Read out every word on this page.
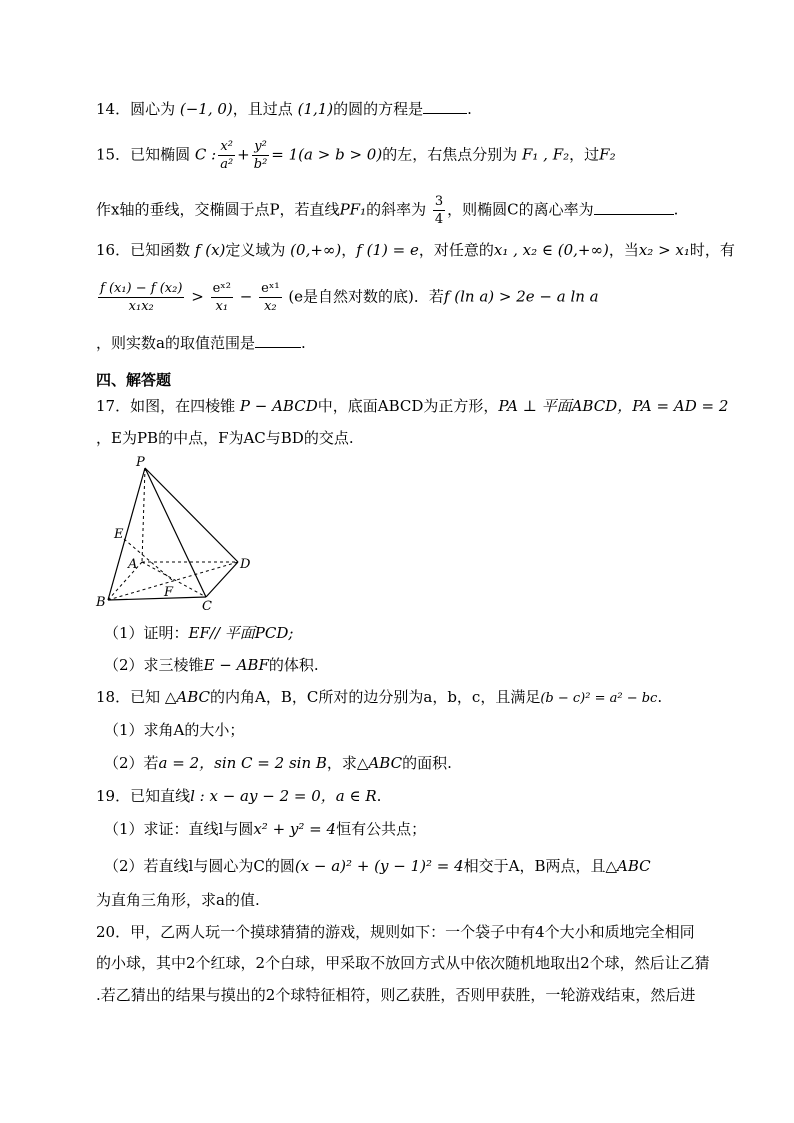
14．圆心为 (−1, 0)，且过点 (1,1)的圆的方程是	.
15．已知椭圆 C : $\frac{\text{x²}}{\text{a²}} + \frac{\text{y²}}{\text{b²}} = 1(a > b > 0)$的左，右焦点分别为 F₁ , F₂，过F₂
作x轴的垂线，交椭圆于点P，若直线PF₁的斜率为 $\frac{3}{4}$ ，则椭圆C的离心率为	.
16．已知函数 f (x)定义域为 (0,+∞)，f (1) = e，对任意的x₁ , x₂ ∈ (0,+∞)，当x₂ > x₁时，有
$\frac{\text{f (x₁) − f (x₂)}}{\text{x₁x₂}} > \frac{\text{eˣ²}}{\text{x₁}} - \frac{\text{eˣ¹}}{\text{x₂}} (e$是自然对数的底)．若f (ln a) > 2e − a ln a
，则实数a的取值范围是	.
四、解答题
17．如图，在四棱锥 P − ABCD中，底面ABCD为正方形，PA ⊥ 平面ABCD，PA = AD = 2
，E为PB的中点，F为AC与BD的交点.
P
E
A	D
F
B	C
（1）证明：EF// 平面PCD;
（2）求三棱锥E − ABF的体积.
18．已知 △ABC的内角A，B，C所对的边分别为a，b，c，且满足(b − c)² = a² − bc.
（1）求角A的大小；
（2）若a = 2，sin C = 2 sin B，求△ABC的面积.
19．已知直线l : x − ay − 2 = 0，a ∈ R.
（1）求证：直线l与圆x² + y² = 4恒有公共点；
（2）若直线l与圆心为C的圆(x − a)² + (y − 1)² = 4相交于A，B两点，且△ABC
为直角三角形，求a的值.
20．甲，乙两人玩一个摸球猜猜的游戏，规则如下：一个袋子中有4个大小和质地完全相同
的小球，其中2个红球，2个白球，甲采取不放回方式从中依次随机地取出2个球，然后让乙猜
.若乙猜出的结果与摸出的2个球特征相符，则乙获胜，否则甲获胜，一轮游戏结束，然后进
